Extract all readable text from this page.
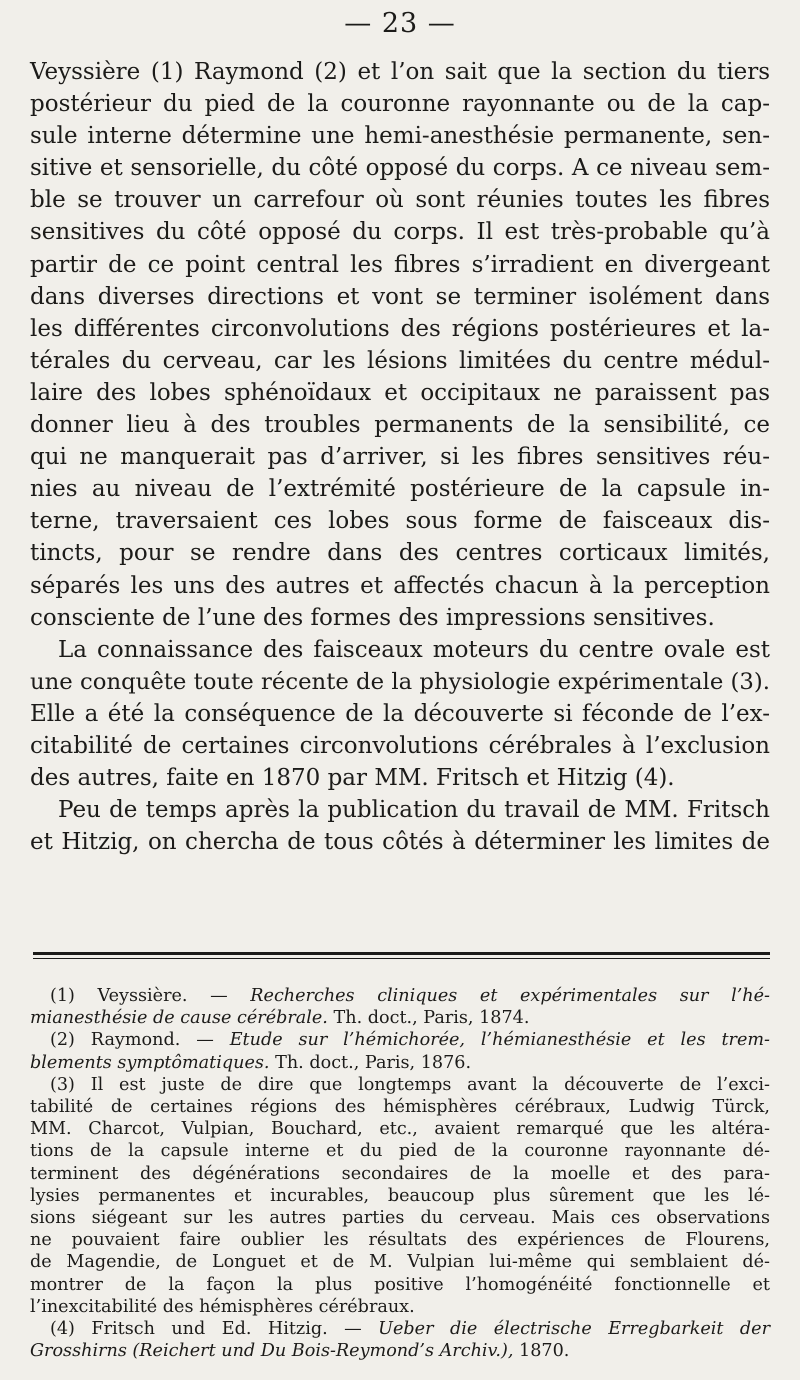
— 23 —
Veyssière (1) Raymond (2) et l’on sait que la section du tiers
postérieur du pied de la couronne rayonnante ou de la cap-
sule interne détermine une hemi-anesthésie permanente, sen-
sitive et sensorielle, du côté opposé du corps. A ce niveau sem-
ble se trouver un carrefour où sont réunies toutes les fibres
sensitives du côté opposé du corps. Il est très-probable qu’à
partir de ce point central les fibres s’irradient en divergeant
dans diverses directions et vont se terminer isolément dans
les différentes circonvolutions des régions postérieures et la-
térales du cerveau, car les lésions limitées du centre médul-
laire des lobes sphénoïdaux et occipitaux ne paraissent pas
donner lieu à des troubles permanents de la sensibilité, ce
qui ne manquerait pas d’arriver, si les fibres sensitives réu-
nies au niveau de l’extrémité postérieure de la capsule in-
terne, traversaient ces lobes sous forme de faisceaux dis-
tincts, pour se rendre dans des centres corticaux limités,
séparés les uns des autres et affectés chacun à la perception
consciente de l’une des formes des impressions sensitives.
La connaissance des faisceaux moteurs du centre ovale est
une conquête toute récente de la physiologie expérimentale (3).
Elle a été la conséquence de la découverte si féconde de l’ex-
citabilité de certaines circonvolutions cérébrales à l’exclusion
des autres, faite en 1870 par MM. Fritsch et Hitzig (4).
Peu de temps après la publication du travail de MM. Fritsch
et Hitzig, on chercha de tous côtés à déterminer les limites de
(1) Veyssière. — Recherches cliniques et expérimentales sur l’hé-
mianesthésie de cause cérébrale. Th. doct., Paris, 1874.
(2) Raymond. — Etude sur l’hémichorée, l’hémianesthésie et les trem-
blements symptômatiques. Th. doct., Paris, 1876.
(3) Il est juste de dire que longtemps avant la découverte de l’exci-
tabilité de certaines régions des hémisphères cérébraux, Ludwig Türck,
MM. Charcot, Vulpian, Bouchard, etc., avaient remarqué que les altéra-
tions de la capsule interne et du pied de la couronne rayonnante dé-
terminent des dégénérations secondaires de la moelle et des para-
lysies permanentes et incurables, beaucoup plus sûrement que les lé-
sions siégeant sur les autres parties du cerveau. Mais ces observations
ne pouvaient faire oublier les résultats des expériences de Flourens,
de Magendie, de Longuet et de M. Vulpian lui-même qui semblaient dé-
montrer de la façon la plus positive l’homogénéité fonctionnelle et
l’inexcitabilité des hémisphères cérébraux.
(4) Fritsch und Ed. Hitzig. — Ueber die électrische Erregbarkeit der
Grosshirns (Reichert und Du Bois-Reymond’s Archiv.), 1870.
